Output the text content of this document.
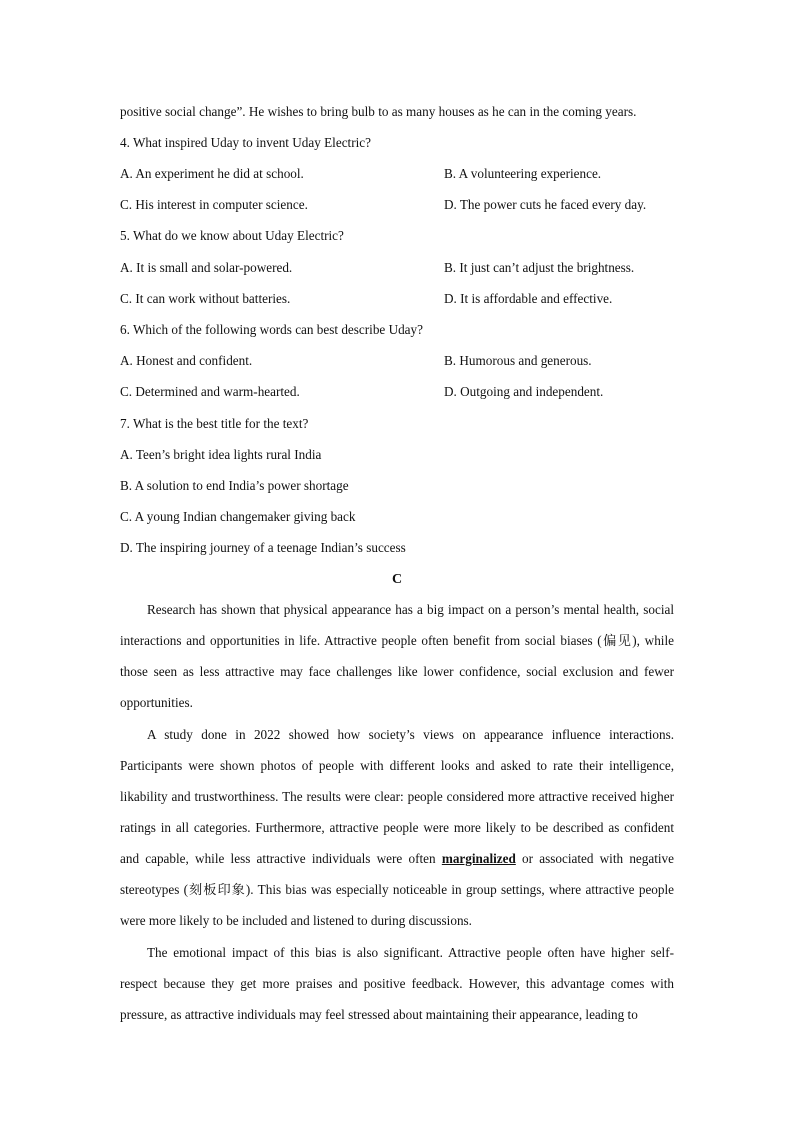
positive social change”. He wishes to bring bulb to as many houses as he can in the coming years.
4. What inspired Uday to invent Uday Electric?
A. An experiment he did at school.	B. A volunteering experience.
C. His interest in computer science.	D. The power cuts he faced every day.
5. What do we know about Uday Electric?
A. It is small and solar-powered.	B. It just can’t adjust the brightness.
C. It can work without batteries.	D. It is affordable and effective.
6. Which of the following words can best describe Uday?
A. Honest and confident.	B. Humorous and generous.
C. Determined and warm-hearted.	D. Outgoing and independent.
7. What is the best title for the text?
A. Teen’s bright idea lights rural India
B. A solution to end India’s power shortage
C. A young Indian changemaker giving back
D. The inspiring journey of a teenage Indian’s success
C

Research has shown that physical appearance has a big impact on a person’s mental health, social interactions and opportunities in life. Attractive people often benefit from social biases (偏见), while those seen as less attractive may face challenges like lower confidence, social exclusion and fewer opportunities.

A study done in 2022 showed how society’s views on appearance influence interactions. Participants were shown photos of people with different looks and asked to rate their intelligence, likability and trustworthiness. The results were clear: people considered more attractive received higher ratings in all categories. Furthermore, attractive people were more likely to be described as confident and capable, while less attractive individuals were often marginalized or associated with negative stereotypes (刻板印象). This bias was especially noticeable in group settings, where attractive people were more likely to be included and listened to during discussions.

The emotional impact of this bias is also significant. Attractive people often have higher self-respect because they get more praises and positive feedback. However, this advantage comes with pressure, as attractive individuals may feel stressed about maintaining their appearance, leading to
